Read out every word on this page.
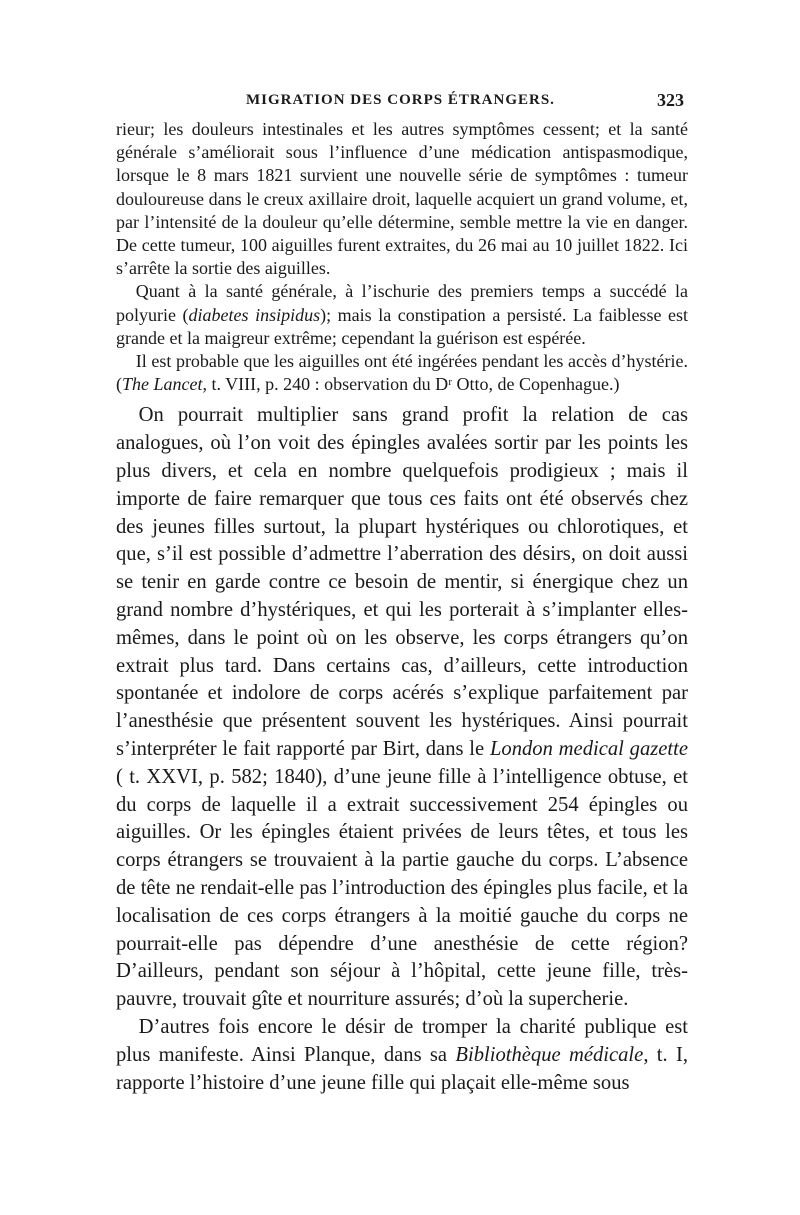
MIGRATION DES CORPS ÉTRANGERS.	323

rieur; les douleurs intestinales et les autres symptômes cessent; et la santé générale s’améliorait sous l’influence d’une médication antispasmodique, lorsque le 8 mars 1821 survient une nouvelle série de symptômes : tumeur douloureuse dans le creux axillaire droit, laquelle acquiert un grand volume, et, par l’intensité de la douleur qu’elle détermine, semble mettre la vie en danger. De cette tumeur, 100 aiguilles furent extraites, du 26 mai au 10 juillet 1822. Ici s’arrête la sortie des aiguilles.

Quant à la santé générale, à l’ischurie des premiers temps a succédé la polyurie (diabetes insipidus); mais la constipation a persisté. La faiblesse est grande et la maigreur extrême; cependant la guérison est espérée.

Il est probable que les aiguilles ont été ingérées pendant les accès d’hystérie. (The Lancet, t. VIII, p. 240 : observation du Dʳ Otto, de Copenhague.)

On pourrait multiplier sans grand profit la relation de cas analogues, où l’on voit des épingles avalées sortir par les points les plus divers, et cela en nombre quelquefois prodigieux ; mais il importe de faire remarquer que tous ces faits ont été observés chez des jeunes filles surtout, la plupart hystériques ou chlorotiques, et que, s’il est possible d’admettre l’aberration des désirs, on doit aussi se tenir en garde contre ce besoin de mentir, si énergique chez un grand nombre d’hystériques, et qui les porterait à s’implanter elles-mêmes, dans le point où on les observe, les corps étrangers qu’on extrait plus tard. Dans certains cas, d’ailleurs, cette introduction spontanée et indolore de corps acérés s’explique parfaitement par l’anesthésie que présentent souvent les hystériques. Ainsi pourrait s’interpréter le fait rapporté par Birt, dans le London medical gazette ( t. XXVI, p. 582; 1840), d’une jeune fille à l’intelligence obtuse, et du corps de laquelle il a extrait successivement 254 épingles ou aiguilles. Or les épingles étaient privées de leurs têtes, et tous les corps étrangers se trouvaient à la partie gauche du corps. L’absence de tête ne rendait-elle pas l’introduction des épingles plus facile, et la localisation de ces corps étrangers à la moitié gauche du corps ne pourrait-elle pas dépendre d’une anesthésie de cette région? D’ailleurs, pendant son séjour à l’hôpital, cette jeune fille, très-pauvre, trouvait gîte et nourriture assurés; d’où la supercherie.

D’autres fois encore le désir de tromper la charité publique est plus manifeste. Ainsi Planque, dans sa Bibliothèque médicale, t. I, rapporte l’histoire d’une jeune fille qui plaçait elle-même sous
